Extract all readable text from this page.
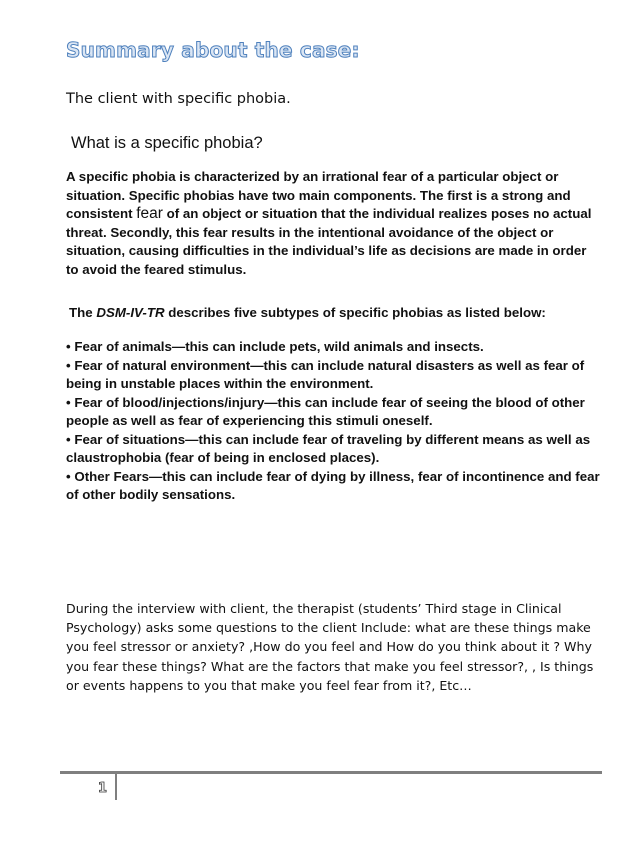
Summary about the case:
The client with specific phobia.
What is a specific phobia?
A specific phobia is characterized by an irrational fear of a particular object or situation. Specific phobias have two main components. The first is a strong and consistent fear of an object or situation that the individual realizes poses no actual threat. Secondly, this fear results in the intentional avoidance of the object or situation, causing difficulties in the individual’s life as decisions are made in order to avoid the feared stimulus.
The DSM-IV-TR describes five subtypes of specific phobias as listed below:
• Fear of animals—this can include pets, wild animals and insects.
• Fear of natural environment—this can include natural disasters as well as fear of being in unstable places within the environment.
• Fear of blood/injections/injury—this can include fear of seeing the blood of other people as well as fear of experiencing this stimuli oneself.
• Fear of situations—this can include fear of traveling by different means as well as claustrophobia (fear of being in enclosed places).
• Other Fears—this can include fear of dying by illness, fear of incontinence and fear of other bodily sensations.
During the interview with client, the therapist (students’ Third stage in Clinical Psychology) asks some questions to the client Include: what are these things make you feel stressor or anxiety? ,How do you feel and How do you think about it ? Why you fear these things? What are the factors that make you feel stressor?, , Is things or events happens to you that make you feel fear from it?, Etc…
1
